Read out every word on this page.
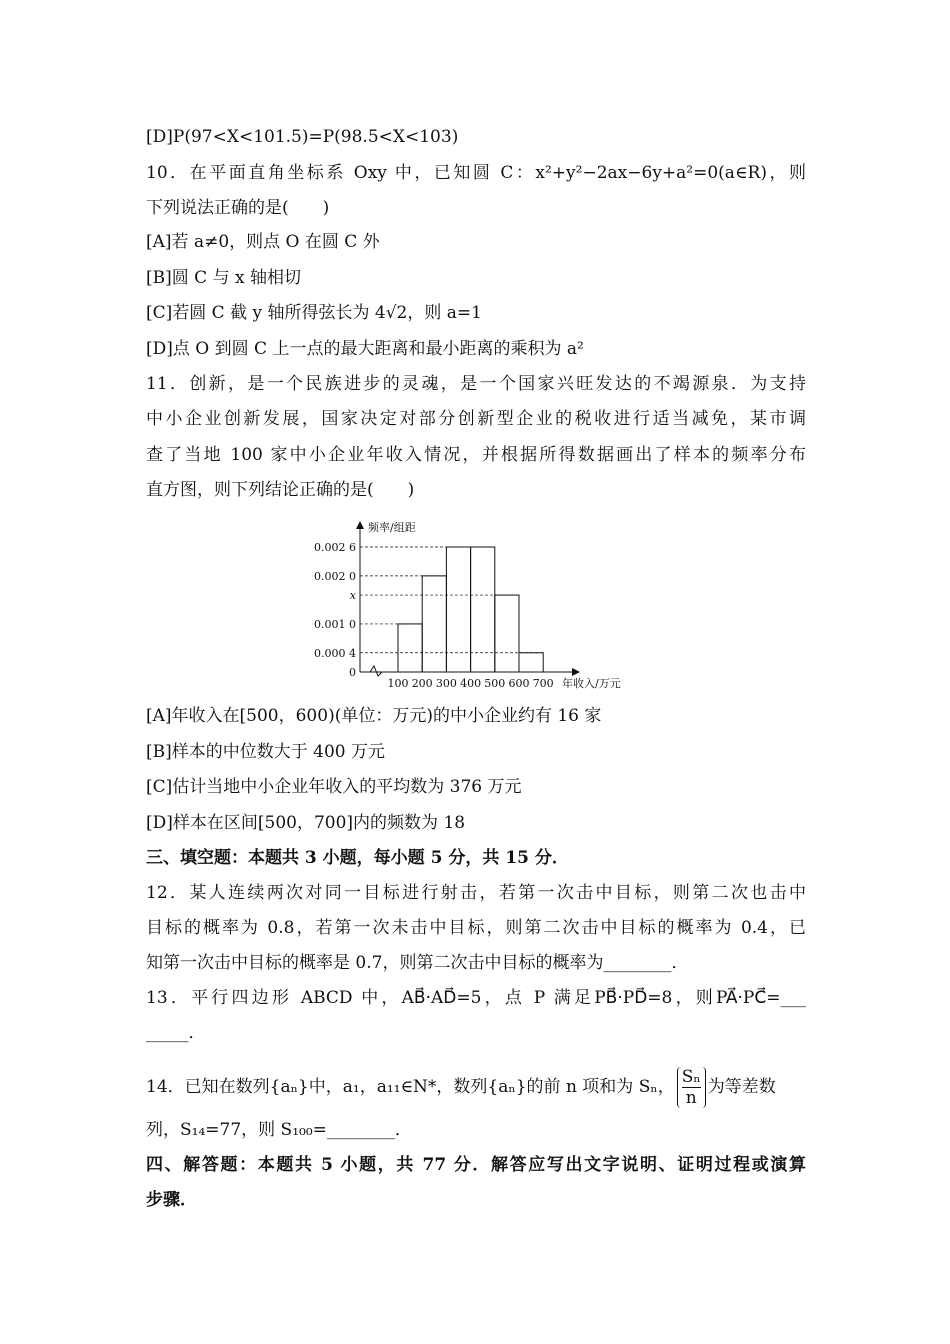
[D]P(97<X<101.5)=P(98.5<X<103)
10．在平面直角坐标系 Oxy 中，已知圆 C：x²+y²−2ax−6y+a²=0(a∈R)，则
下列说法正确的是(　　)
[A]若 a≠0，则点 O 在圆 C 外
[B]圆 C 与 x 轴相切
[C]若圆 C 截 y 轴所得弦长为 4√2，则 a=1
[D]点 O 到圆 C 上一点的最大距离和最小距离的乘积为 a²
11．创新，是一个民族进步的灵魂，是一个国家兴旺发达的不竭源泉．为支持
中小企业创新发展，国家决定对部分创新型企业的税收进行适当减免，某市调
查了当地 100 家中小企业年收入情况，并根据所得数据画出了样本的频率分布
直方图，则下列结论正确的是(　　)
0.000 4
0.001 0
x
0.002 0
0.002 6
0
100 200 300 400 500 600 700
频率/组距
年收入/万元
[A]年收入在[500，600)(单位：万元)的中小企业约有 16 家
[B]样本的中位数大于 400 万元
[C]估计当地中小企业年收入的平均数为 376 万元
[D]样本在区间[500，700]内的频数为 18
三、填空题：本题共 3 小题，每小题 5 分，共 15 分．
12．某人连续两次对同一目标进行射击，若第一次击中目标，则第二次也击中
目标的概率为 0.8，若第一次未击中目标，则第二次击中目标的概率为 0.4，已
知第一次击中目标的概率是 0.7，则第二次击中目标的概率为________．
13．平行四边形 ABCD 中，AB⃗·AD⃗=5，点 P 满足PB⃗·PD⃗=8，则PA⃗·PC⃗=___
_____．
14．已知在数列{aₙ}中，a₁，a₁₁∈N*，数列{aₙ}的前 n 项和为 Sₙ， $\frac{\text{Sₙ}}{n}$ 为等差数
列，S₁₄=77，则 S₁₀₀=________．
四、解答题：本题共 5 小题，共 77 分．解答应写出文字说明、证明过程或演算
步骤．
